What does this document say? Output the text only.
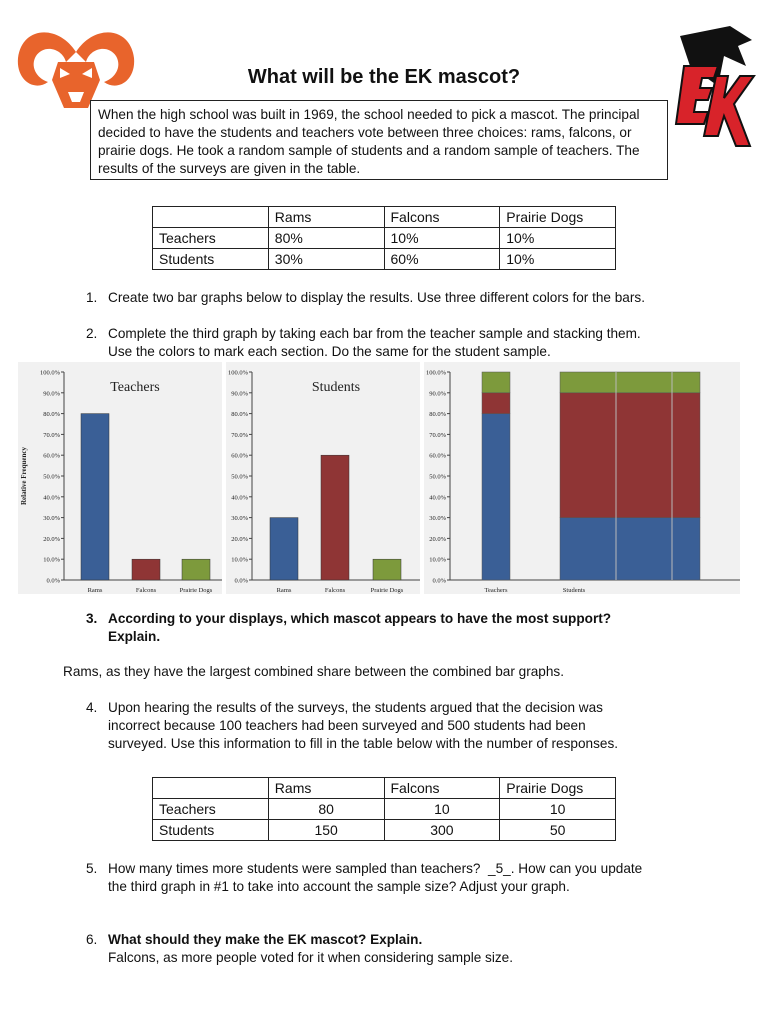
What will be the EK mascot?
When the high school was built in 1969, the school needed to pick a mascot. The principal decided to have the students and teachers vote between three choices: rams, falcons, or prairie dogs. He took a random sample of students and a random sample of teachers. The results of the surveys are given in the table.
	Rams	Falcons	Prairie Dogs
Teachers	80%	10%	10%
Students	30%	60%	10%
1. Create two bar graphs below to display the results. Use three different colors for the bars.
2. Complete the third graph by taking each bar from the teacher sample and stacking them.
Use the colors to mark each section. Do the same for the student sample.
0.0%
10.0%
20.0%
30.0%
40.0%
50.0%
60.0%
70.0%
80.0%
90.0%
100.0%
Rams	Falcons	Prairie Dogs
Teachers
0.0%
10.0%
20.0%
30.0%
40.0%
50.0%
60.0%
70.0%
80.0%
90.0%
100.0%
Rams	Falcons	Prairie Dogs
Students
Relative Frequency
0.0%
10.0%
20.0%
30.0%
40.0%
50.0%
60.0%
70.0%
80.0%
90.0%
100.0%
Teachers	Students
3. According to your displays, which mascot appears to have the most support?
Explain.
Rams, as they have the largest combined share between the combined bar graphs.
4. Upon hearing the results of the surveys, the students argued that the decision was
incorrect because 100 teachers had been surveyed and 500 students had been
surveyed. Use this information to fill in the table below with the number of responses.
	Rams	Falcons	Prairie Dogs
Teachers	80	10	10
Students	150	300	50
5. How many times more students were sampled than teachers?  _5_. How can you update
the third graph in #1 to take into account the sample size? Adjust your graph.
6. What should they make the EK mascot? Explain.
Falcons, as more people voted for it when considering sample size.
